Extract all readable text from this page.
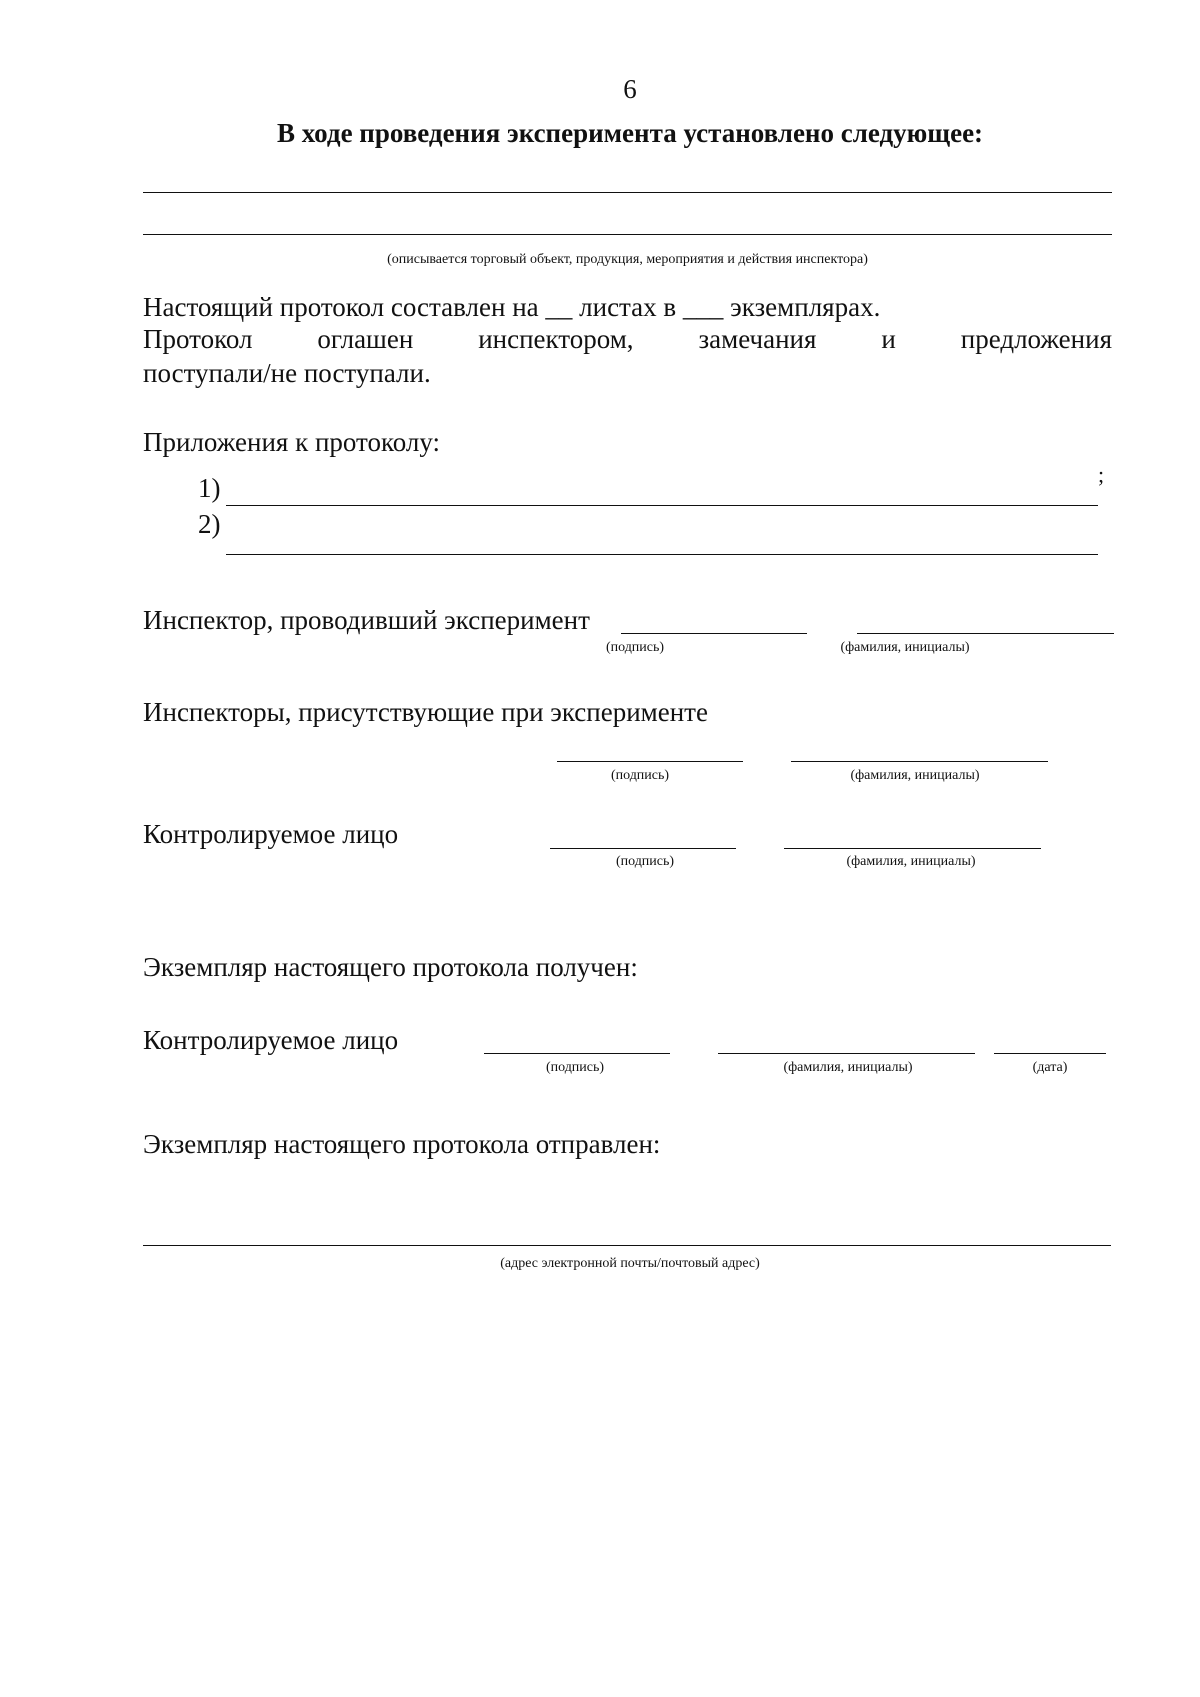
6
В ходе проведения эксперимента установлено следующее:
(описывается торговый объект, продукция, мероприятия и действия инспектора)
Настоящий протокол составлен на __ листах в ___ экземплярах.
Протокол оглашен инспектором, замечания и предложения
поступали/не поступали.
Приложения к протоколу:
1)	;
2)
Инспектор, проводивший эксперимент
(подпись)	(фамилия, инициалы)
Инспекторы, присутствующие при эксперименте
(подпись)	(фамилия, инициалы)
Контролируемое лицо
(подпись)	(фамилия, инициалы)
Экземпляр настоящего протокола получен:
Контролируемое лицо
(подпись)	(фамилия, инициалы)	(дата)
Экземпляр настоящего протокола отправлен:
(адрес электронной почты/почтовый адрес)
